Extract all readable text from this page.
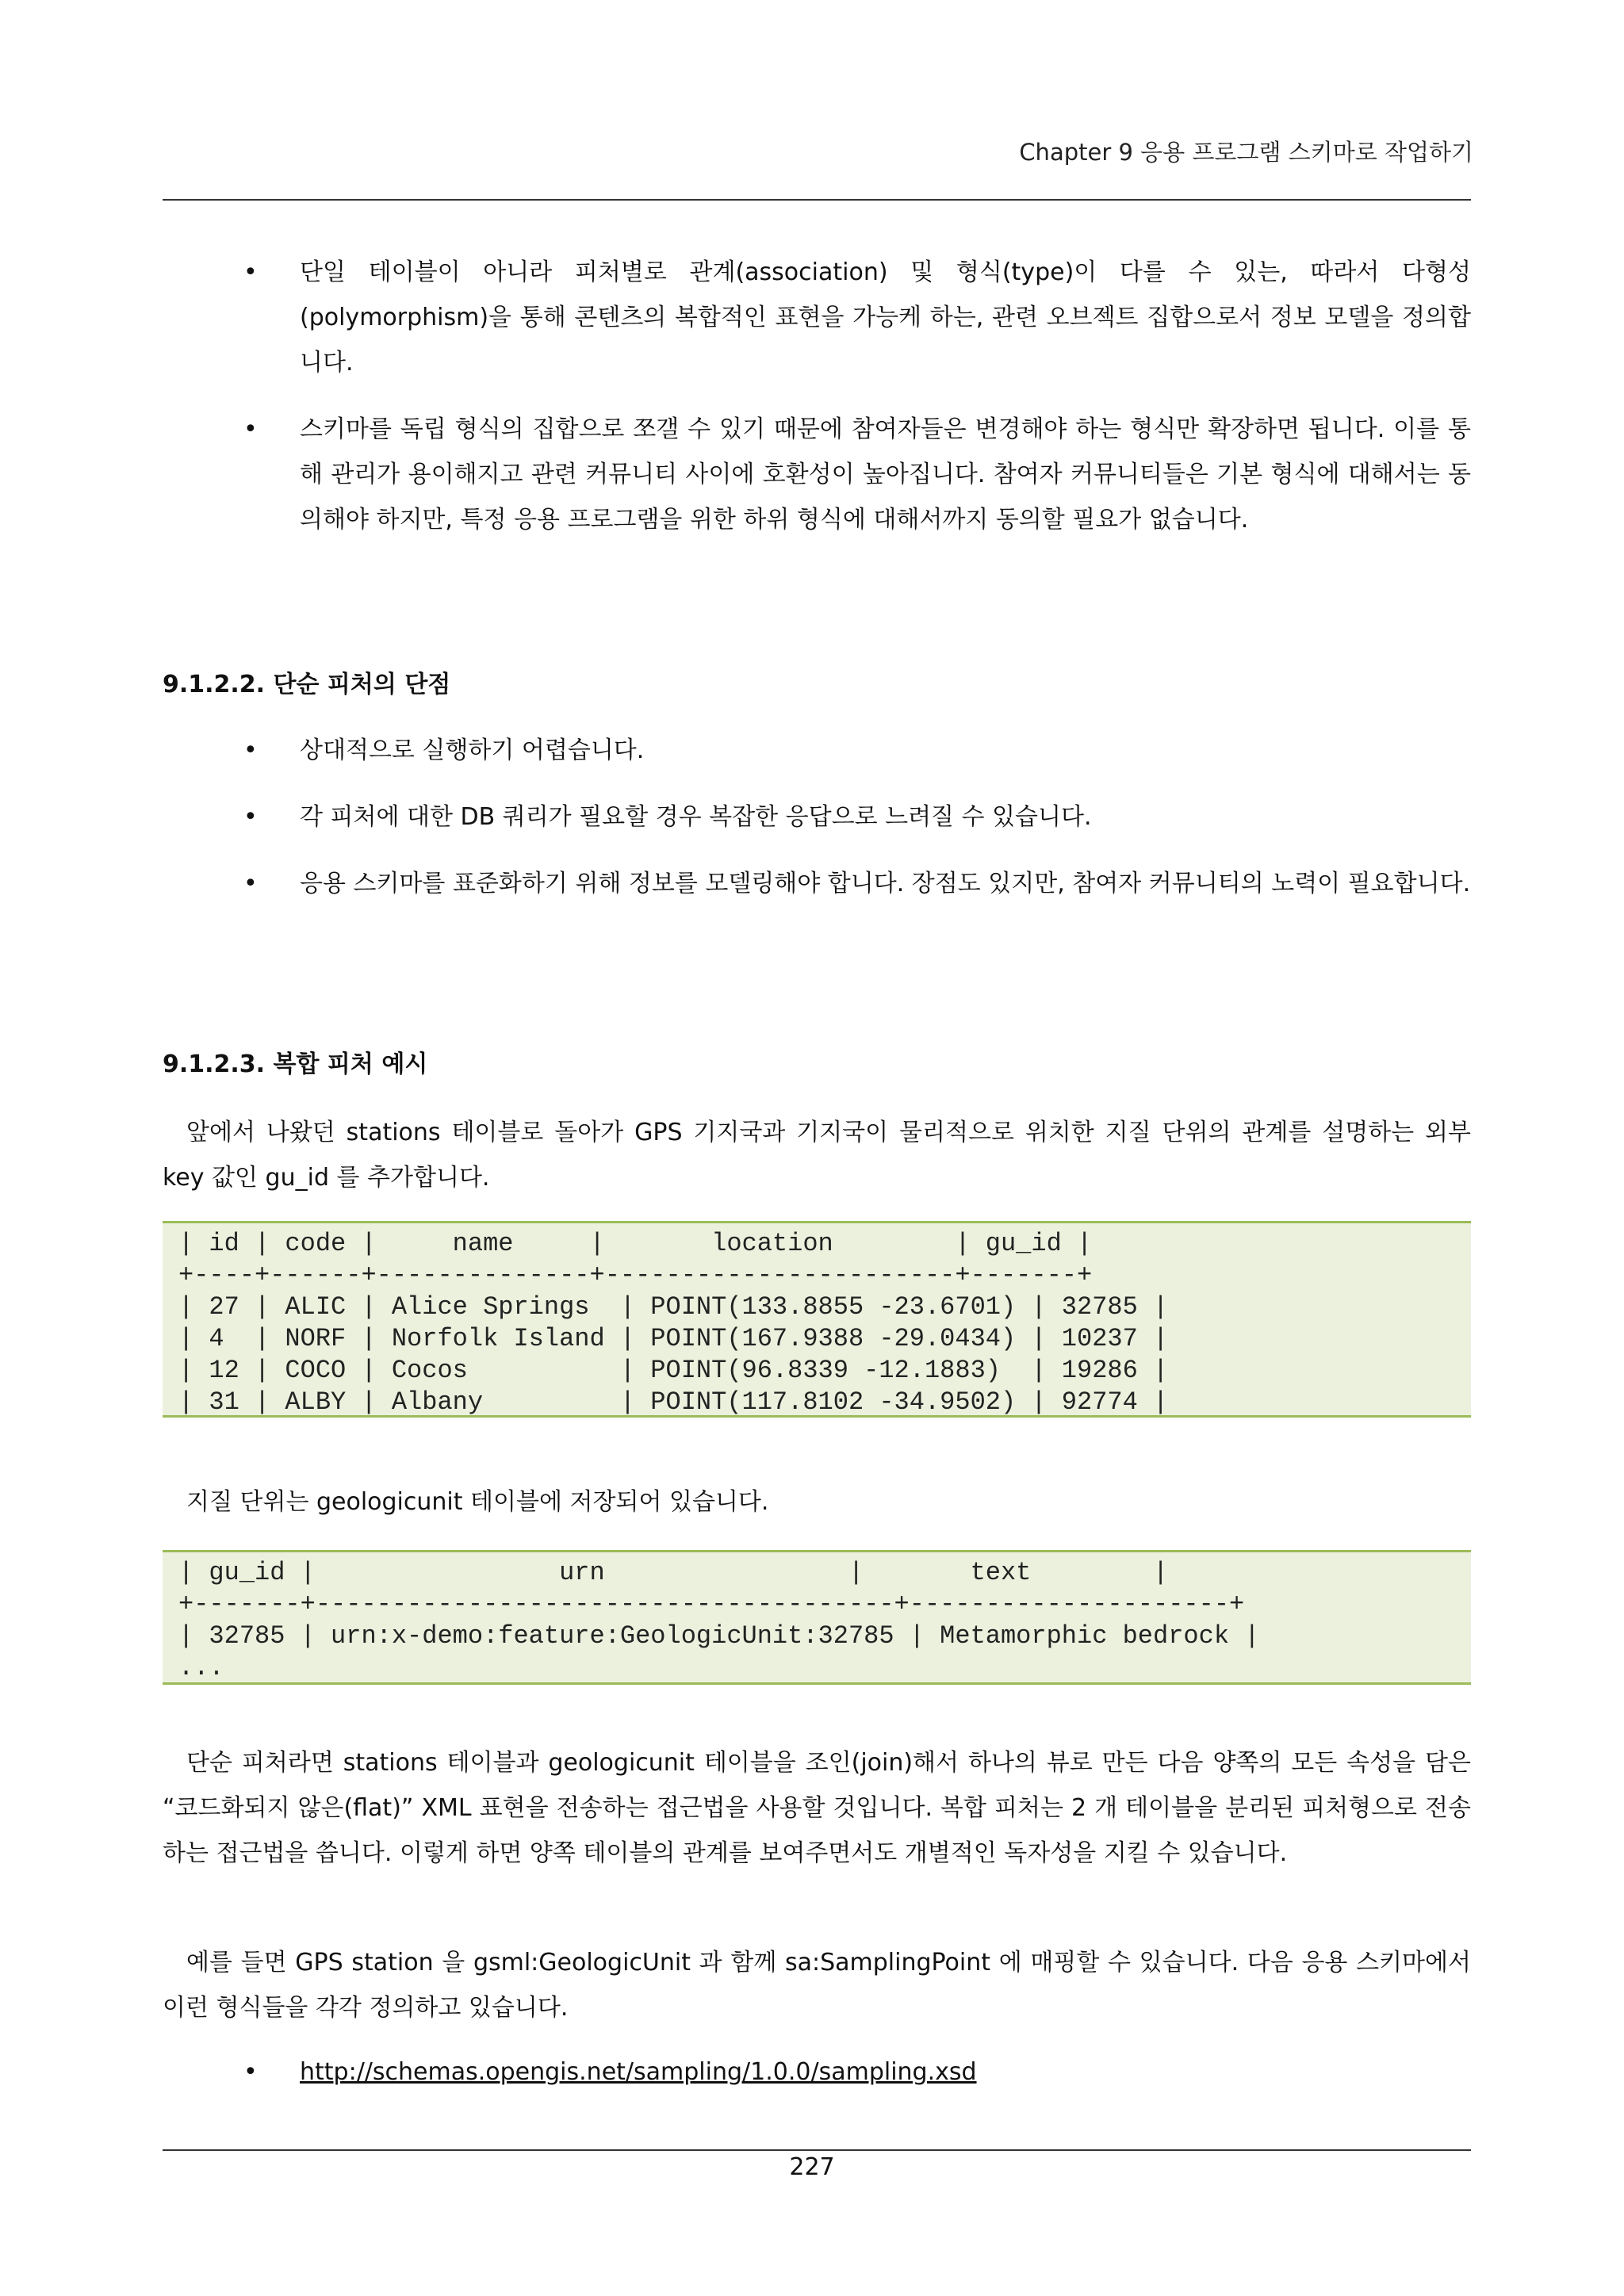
Chapter 9 응용 프로그램 스키마로 작업하기
• 단일 테이블이 아니라 피처별로 관계(association) 및 형식(type)이 다를 수 있는, 따라서 다형성(polymorphism)을 통해 콘텐츠의 복합적인 표현을 가능케 하는, 관련 오브젝트 집합으로서 정보 모델을 정의합니다.
• 스키마를 독립 형식의 집합으로 쪼갤 수 있기 때문에 참여자들은 변경해야 하는 형식만 확장하면 됩니다. 이를 통해 관리가 용이해지고 관련 커뮤니티 사이에 호환성이 높아집니다. 참여자 커뮤니티들은 기본 형식에 대해서는 동의해야 하지만, 특정 응용 프로그램을 위한 하위 형식에 대해서까지 동의할 필요가 없습니다.
9.1.2.2. 단순 피처의 단점
• 상대적으로 실행하기 어렵습니다.
• 각 피처에 대한 DB 쿼리가 필요할 경우 복잡한 응답으로 느려질 수 있습니다.
• 응용 스키마를 표준화하기 위해 정보를 모델링해야 합니다. 장점도 있지만, 참여자 커뮤니티의 노력이 필요합니다.
9.1.2.3. 복합 피처 예시

앞에서 나왔던 stations 테이블로 돌아가 GPS 기지국과 기지국이 물리적으로 위치한 지질 단위의 관계를 설명하는 외부 key 값인 gu_id 를 추가합니다.

| id | code |     name     |       location        | gu_id |
+----+------+--------------+-----------------------+-------+
| 27 | ALIC | Alice Springs  | POINT(133.8855 -23.6701) | 32785 |
| 4  | NORF | Norfolk Island | POINT(167.9388 -29.0434) | 10237 |
| 12 | COCO | Cocos          | POINT(96.8339 -12.1883)  | 19286 |
| 31 | ALBY | Albany         | POINT(117.8102 -34.9502) | 92774 |

지질 단위는 geologicunit 테이블에 저장되어 있습니다.

| gu_id |                urn                |       text        |
+-------+--------------------------------------+---------------------+
| 32785 | urn:x-demo:feature:GeologicUnit:32785 | Metamorphic bedrock |
...

단순 피처라면 stations 테이블과 geologicunit 테이블을 조인(join)해서 하나의 뷰로 만든 다음 양쪽의 모든 속성을 담은 “코드화되지 않은(flat)” XML 표현을 전송하는 접근법을 사용할 것입니다. 복합 피처는 2 개 테이블을 분리된 피처형으로 전송하는 접근법을 씁니다. 이렇게 하면 양쪽 테이블의 관계를 보여주면서도 개별적인 독자성을 지킬 수 있습니다.

예를 들면 GPS station 을 gsml:GeologicUnit 과 함께 sa:SamplingPoint 에 매핑할 수 있습니다. 다음 응용 스키마에서 이런 형식들을 각각 정의하고 있습니다.

• http://schemas.opengis.net/sampling/1.0.0/sampling.xsd
227
